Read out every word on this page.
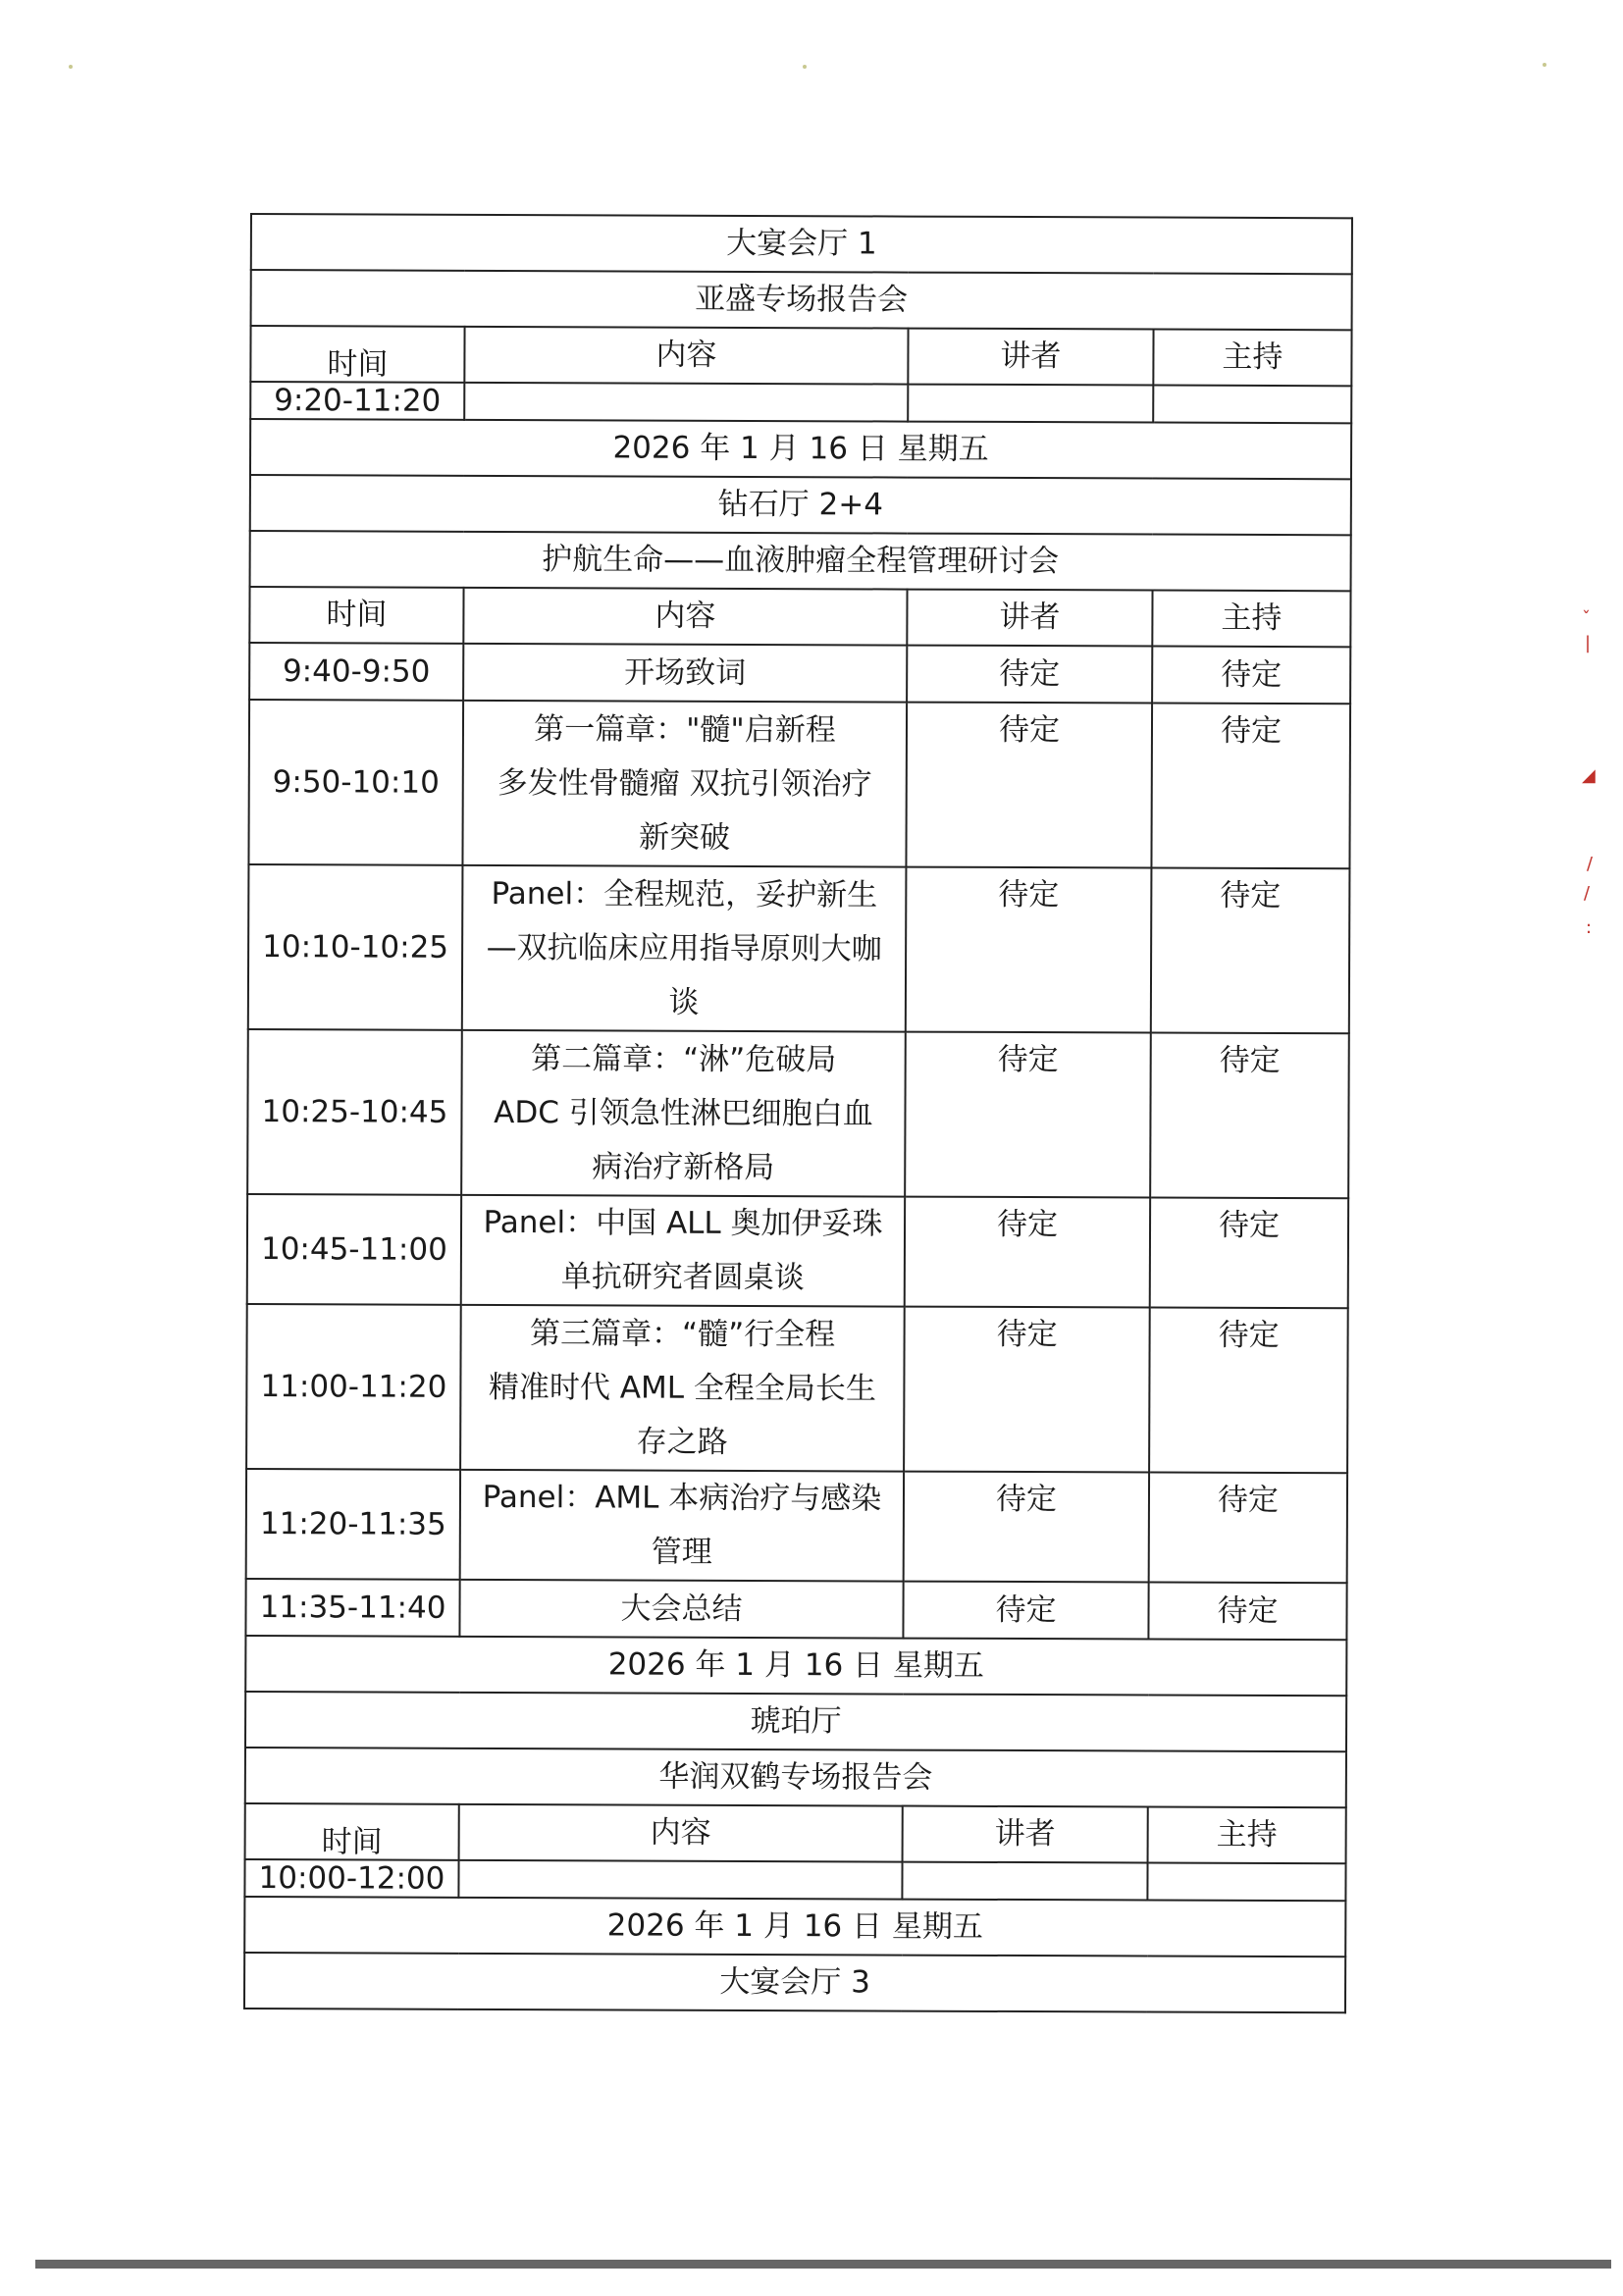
ˇ
|
◢
/
/
:
大宴会厅 1			
亚盛专场报告会			
时间	内容	讲者	主持
9:20-11:20			
2026 年 1 月 16 日 星期五			
钻石厅 2+4			
护航生命——血液肿瘤全程管理研讨会			
时间	内容	讲者	主持
9:40-9:50	开场致词	待定	待定
9:50-10:10	第一篇章："髓"启新程
多发性骨髓瘤 双抗引领治疗
新突破	待定	待定
10:10-10:25	Panel：全程规范，妥护新生
—双抗临床应用指导原则大咖
谈	待定	待定
10:25-10:45	第二篇章：“淋”危破局
ADC 引领急性淋巴细胞白血
病治疗新格局	待定	待定
10:45-11:00	Panel：中国 ALL 奥加伊妥珠
单抗研究者圆桌谈	待定	待定
11:00-11:20	第三篇章：“髓”行全程
精准时代 AML 全程全局长生
存之路	待定	待定
11:20-11:35	Panel：AML 本病治疗与感染
管理	待定	待定
11:35-11:40	大会总结	待定	待定
2026 年 1 月 16 日 星期五			
琥珀厅			
华润双鹤专场报告会			
时间	内容	讲者	主持
10:00-12:00			
2026 年 1 月 16 日 星期五			
大宴会厅 3			
